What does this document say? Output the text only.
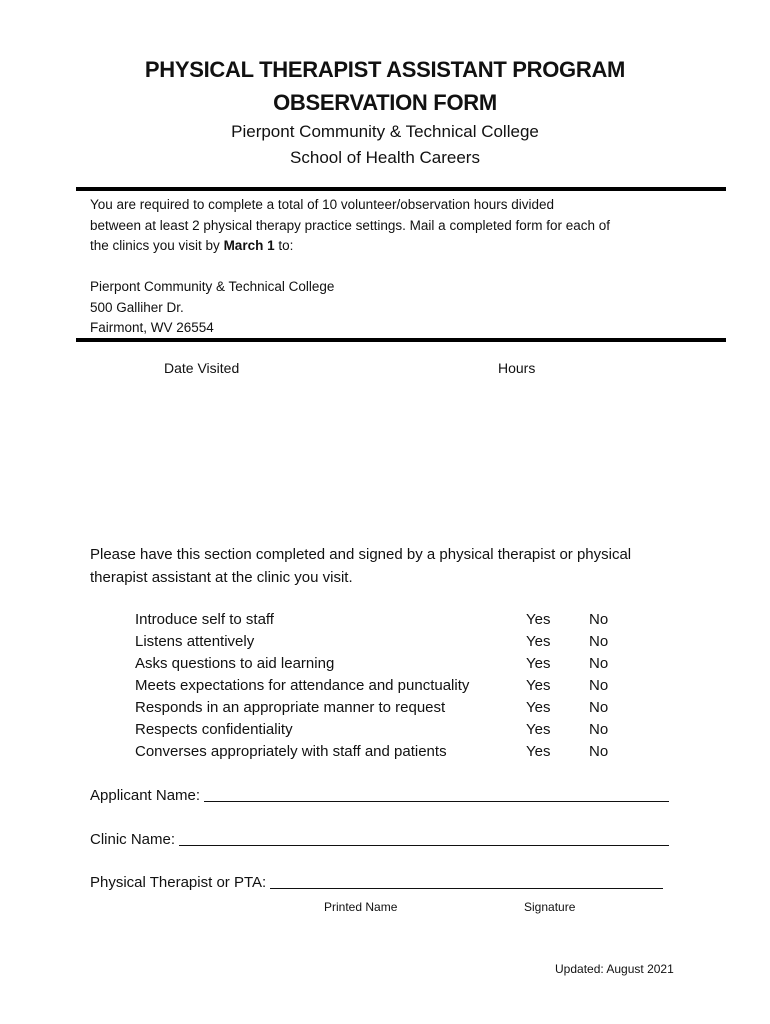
PHYSICAL THERAPIST ASSISTANT PROGRAM
OBSERVATION FORM
Pierpont Community & Technical College
School of Health Careers
You are required to complete a total of 10 volunteer/observation hours divided
between at least 2 physical therapy practice settings. Mail a completed form for each of
the clinics you visit by March 1 to:
Pierpont Community & Technical College
500 Galliher Dr.
Fairmont, WV 26554
Date Visited	Hours
Please have this section completed and signed by a physical therapist or physical
therapist assistant at the clinic you visit.
Introduce self to staff	Yes	No
Listens attentively	Yes	No
Asks questions to aid learning	Yes	No
Meets expectations for attendance and punctuality	Yes	No
Responds in an appropriate manner to request	Yes	No
Respects confidentiality	Yes	No
Converses appropriately with staff and patients	Yes	No
Applicant Name:
Clinic Name:
Physical Therapist or PTA:
Printed Name	Signature
Updated: August 2021
